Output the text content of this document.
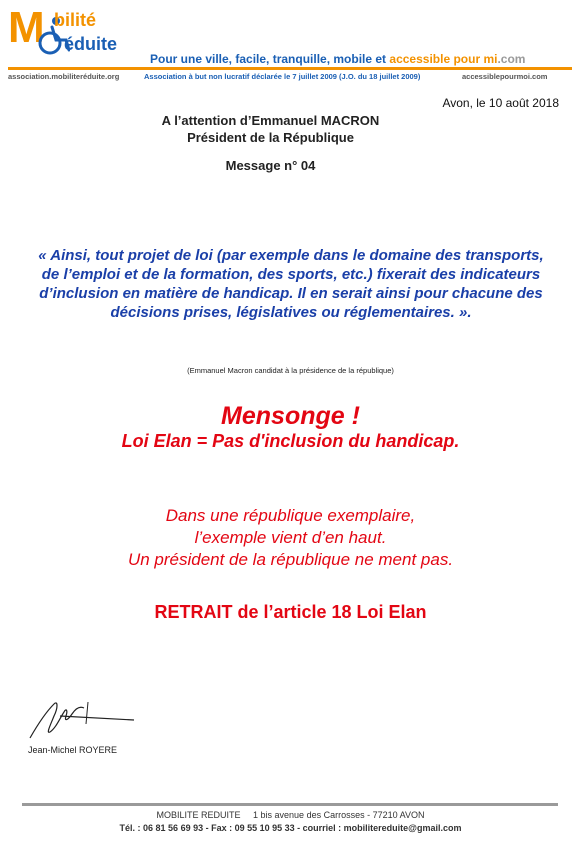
M bilité
éduite
Pour une ville, facile, tranquille, mobile et accessible pour mi.com
association.mobiliteréduite.org	Association à but non lucratif déclarée le 7 juillet 2009 (J.O. du 18 juillet 2009)	accessiblepourmoi.com
Avon, le 10 août 2018
A l’attention d’Emmanuel MACRON
Président de la République
Message n° 04
« Ainsi, tout projet de loi (par exemple dans le domaine des transports, de l’emploi et de la formation, des sports, etc.) fixerait des indicateurs d’inclusion en matière de handicap. Il en serait ainsi pour chacune des décisions prises, législatives ou réglementaires. ».
(Emmanuel Macron candidat à la présidence de la république)
Mensonge !
Loi Elan = Pas d'inclusion du handicap.
Dans une république exemplaire,
l’exemple vient d’en haut.
Un président de la république ne ment pas.
RETRAIT de l’article 18 Loi Elan
Jean-Michel ROYERE
MOBILITE REDUITE     1 bis avenue des Carrosses - 77210 AVON
Tél. : 06 81 56 69 93 - Fax : 09 55 10 95 33 - courriel : mobilitereduite@gmail.com
